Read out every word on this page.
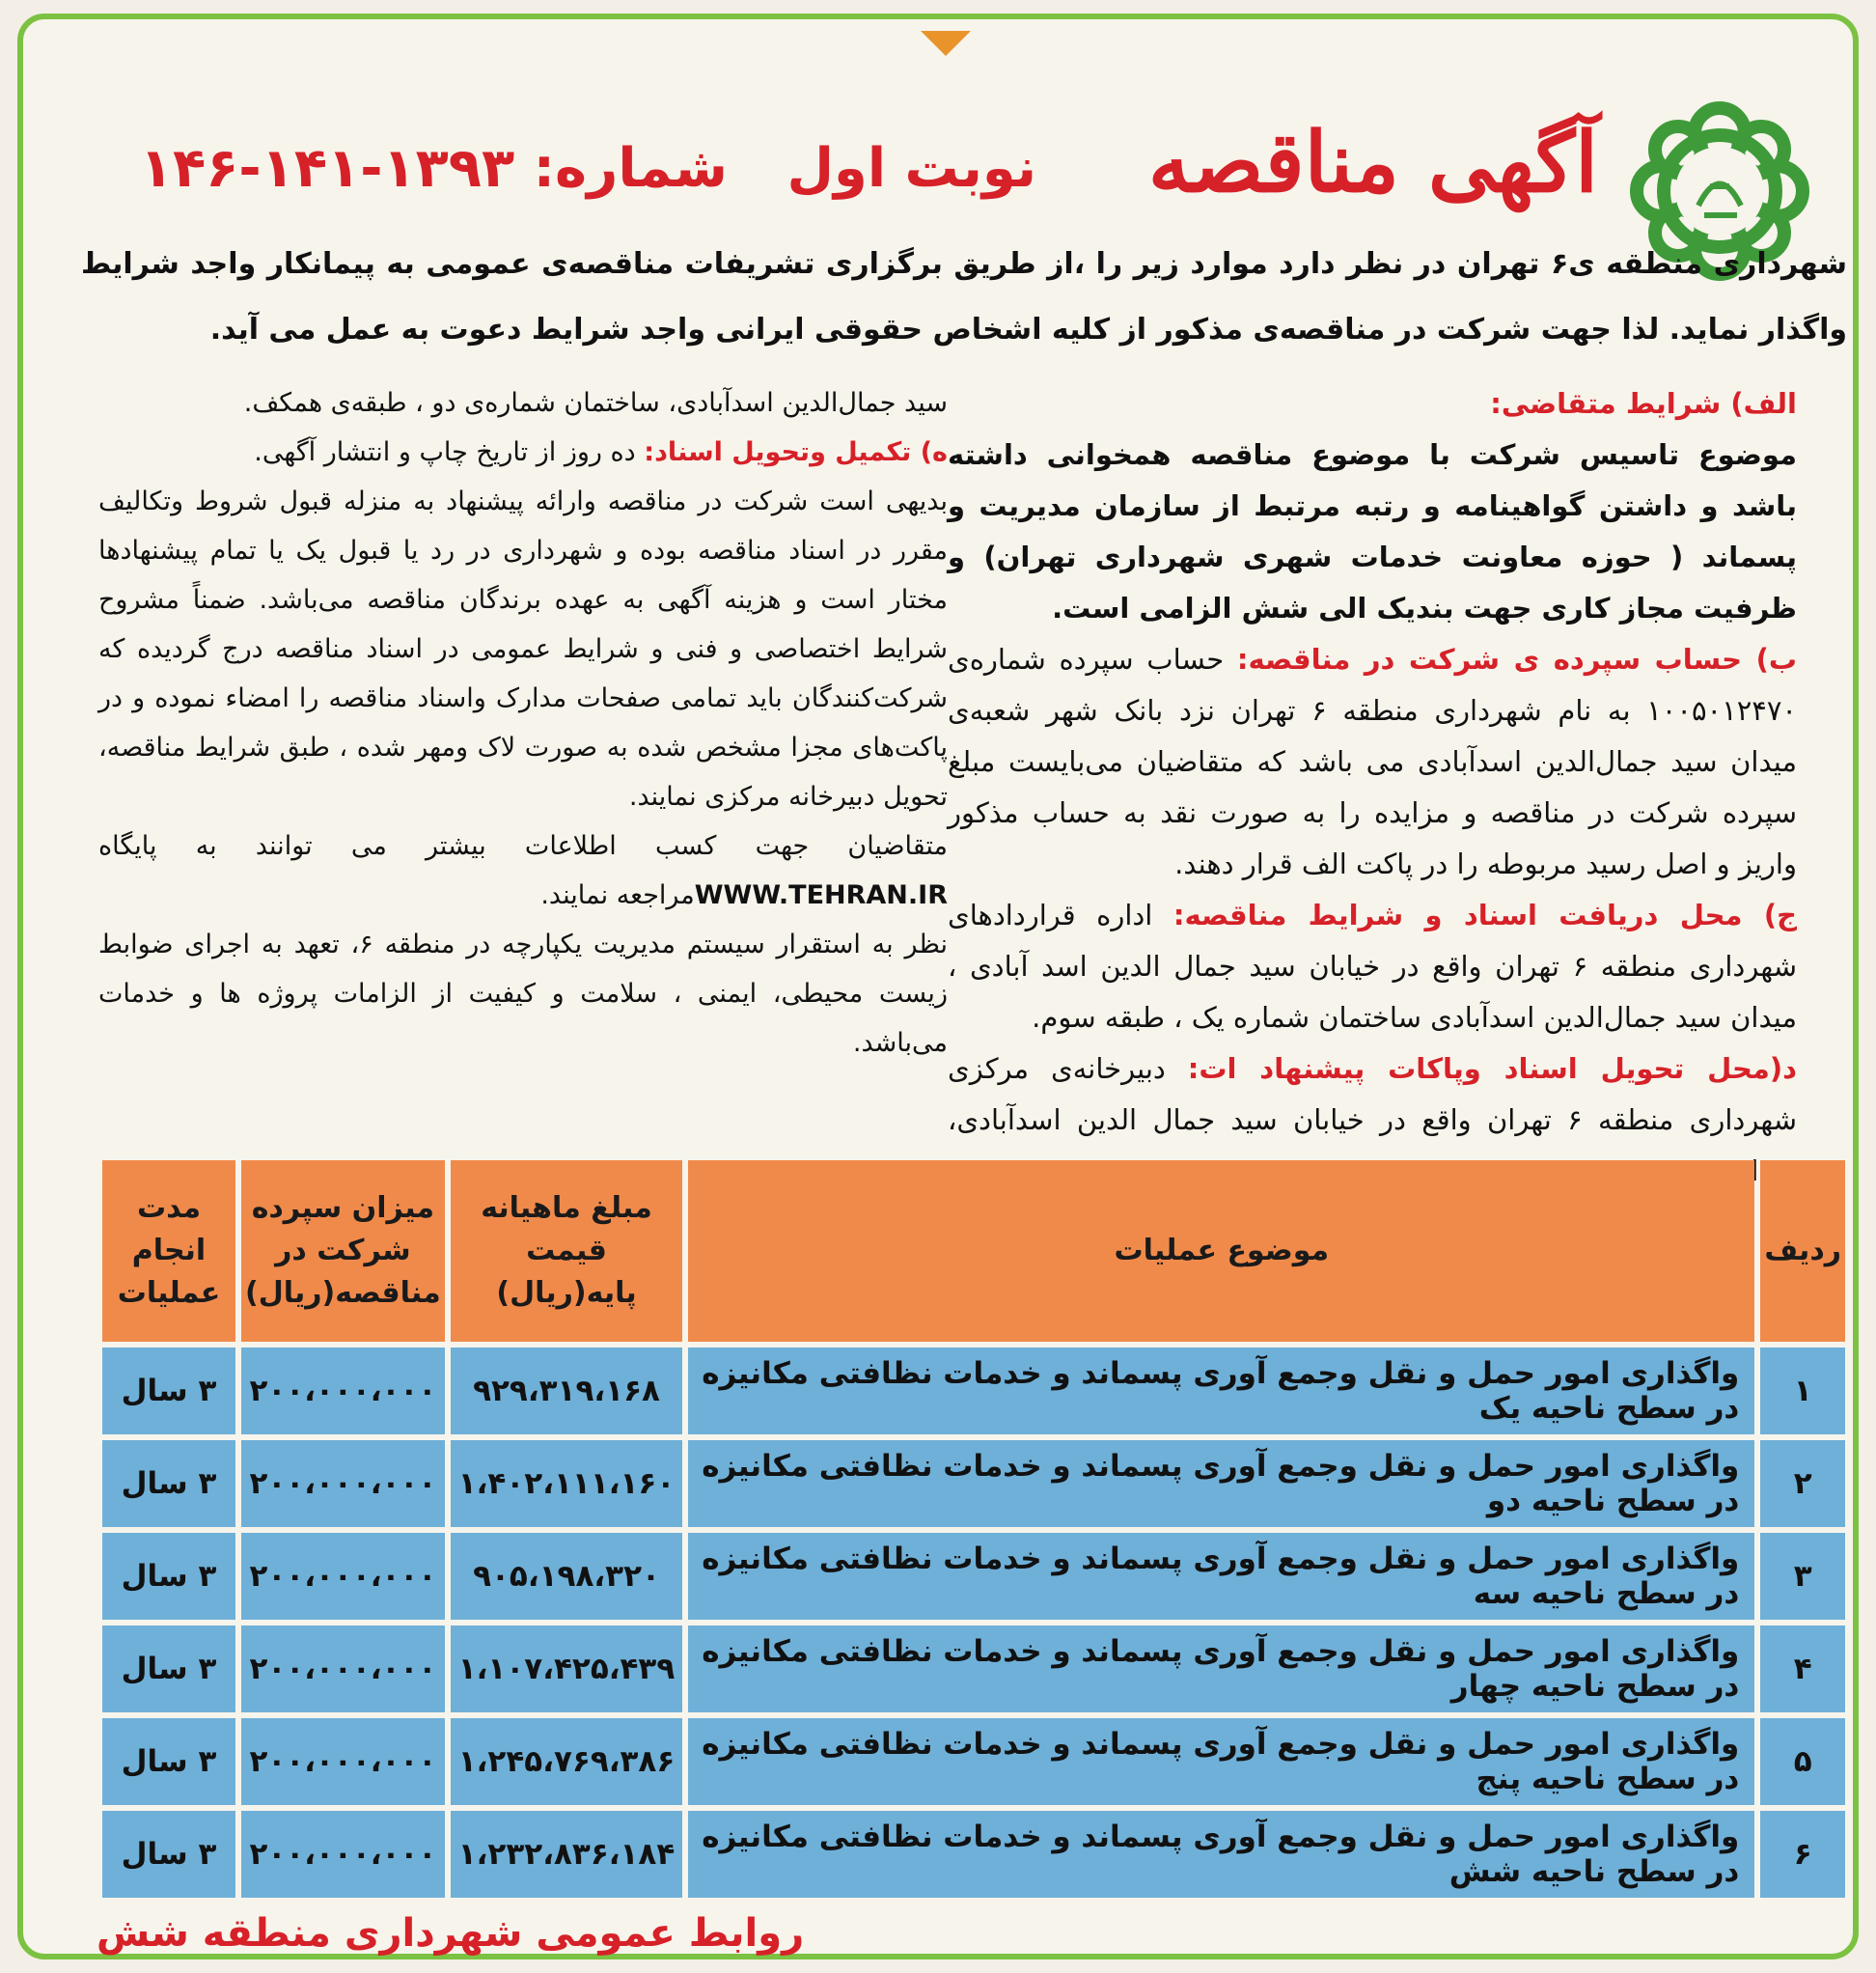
آگهی مناقصه
نوبت اول
شماره: ۱۳۹۳-۱۴۱-۱۴۶
شهرداری منطقه ی۶ تهران در نظر دارد موارد زیر را ،از طریق برگزاری تشریفات مناقصه‌ی عمومی به پیمانکار واجد شرایط واگذار نماید. لذا جهت شرکت در مناقصه‌ی مذکور از کلیه اشخاص حقوقی ایرانی واجد شرایط دعوت به عمل می آید.
الف) شرایط متقاضی:
موضوع تاسیس شرکت با موضوع مناقصه همخوانی داشته باشد و داشتن گواهینامه و رتبه مرتبط از سازمان مدیریت و پسماند ( حوزه معاونت خدمات شهری شهرداری تهران) و ظرفیت مجاز کاری جهت بندیک الی شش الزامی است.
ب) حساب سپرده ی شرکت در مناقصه: حساب سپرده شماره‌ی ۱۰۰۵۰۱۲۴۷۰ به نام شهرداری منطقه ۶ تهران نزد بانک شهر شعبه‌ی میدان سید جمال‌الدین اسدآبادی می باشد که متقاضیان می‌بایست مبلغ سپرده شرکت در مناقصه و مزایده را به صورت نقد به حساب مذکور واریز و اصل رسید مربوطه را در پاکت الف قرار دهند.
ج) محل دریافت اسناد و شرایط مناقصه: اداره قراردادهای شهرداری منطقه ۶ تهران واقع در خیابان سید جمال الدین اسد آبادی ، میدان سید جمال‌الدین اسدآبادی ساختمان شماره یک ، طبقه سوم.
د(محل تحویل اسناد وپاکات پیشنهاد ات: دبیرخانه‌ی مرکزی شهرداری منطقه ۶ تهران واقع در خیابان سید جمال الدین اسدآبادی،
سید جمال‌الدین اسدآبادی، ساختمان شماره‌ی دو ، طبقه‌ی همکف.
ه) تکمیل وتحویل اسناد: ده روز از تاریخ چاپ و انتشار آگهی.
بدیهی است شرکت در مناقصه وارائه پیشنهاد به منزله قبول شروط وتکالیف مقرر در اسناد مناقصه بوده و شهرداری در رد یا قبول یک یا تمام پیشنهادها مختار است و هزینه آگهی به عهده برندگان مناقصه می‌باشد. ضمناً مشروح شرایط اختصاصی و فنی و شرایط عمومی در اسناد مناقصه درج گردیده که شرکت‌کنندگان باید تمامی صفحات مدارک واسناد مناقصه را امضاء نموده و در پاکت‌های مجزا مشخص شده به صورت لاک ومهر شده ، طبق شرایط مناقصه، تحویل دبیرخانه مرکزی نمایند.
متقاضیان جهت کسب اطلاعات بیشتر می توانند به پایگاه WWW.TEHRAN.IRمراجعه نمایند.
نظر به استقرار سیستم مدیریت یکپارچه در منطقه ۶، تعهد به اجرای ضوابط زیست محیطی، ایمنی ، سلامت و کیفیت از الزامات پروژه ها و خدمات می‌باشد.
ردیف	موضوع عملیات	مبلغ ماهیانه قیمت پایه(ریال)	میزان سپرده شرکت در مناقصه(ریال)	مدت انجام عملیات
۱	واگذاری امور حمل و نقل وجمع آوری پسماند و خدمات نظافتی مکانیزه در سطح ناحیه یک	۹۲۹،۳۱۹،۱۶۸	۲۰۰،۰۰۰،۰۰۰	۳ سال
۲	واگذاری امور حمل و نقل وجمع آوری پسماند و خدمات نظافتی مکانیزه در سطح ناحیه دو	۱،۴۰۲،۱۱۱،۱۶۰	۲۰۰،۰۰۰،۰۰۰	۳ سال
۳	واگذاری امور حمل و نقل وجمع آوری پسماند و خدمات نظافتی مکانیزه در سطح ناحیه سه	۹۰۵،۱۹۸،۳۲۰	۲۰۰،۰۰۰،۰۰۰	۳ سال
۴	واگذاری امور حمل و نقل وجمع آوری پسماند و خدمات نظافتی مکانیزه در سطح ناحیه چهار	۱،۱۰۷،۴۲۵،۴۳۹	۲۰۰،۰۰۰،۰۰۰	۳ سال
۵	واگذاری امور حمل و نقل وجمع آوری پسماند و خدمات نظافتی مکانیزه در سطح ناحیه پنج	۱،۲۴۵،۷۶۹،۳۸۶	۲۰۰،۰۰۰،۰۰۰	۳ سال
۶	واگذاری امور حمل و نقل وجمع آوری پسماند و خدمات نظافتی مکانیزه در سطح ناحیه شش	۱،۲۳۲،۸۳۶،۱۸۴	۲۰۰،۰۰۰،۰۰۰	۳ سال
روابط عمومی شهرداری منطقه شش
